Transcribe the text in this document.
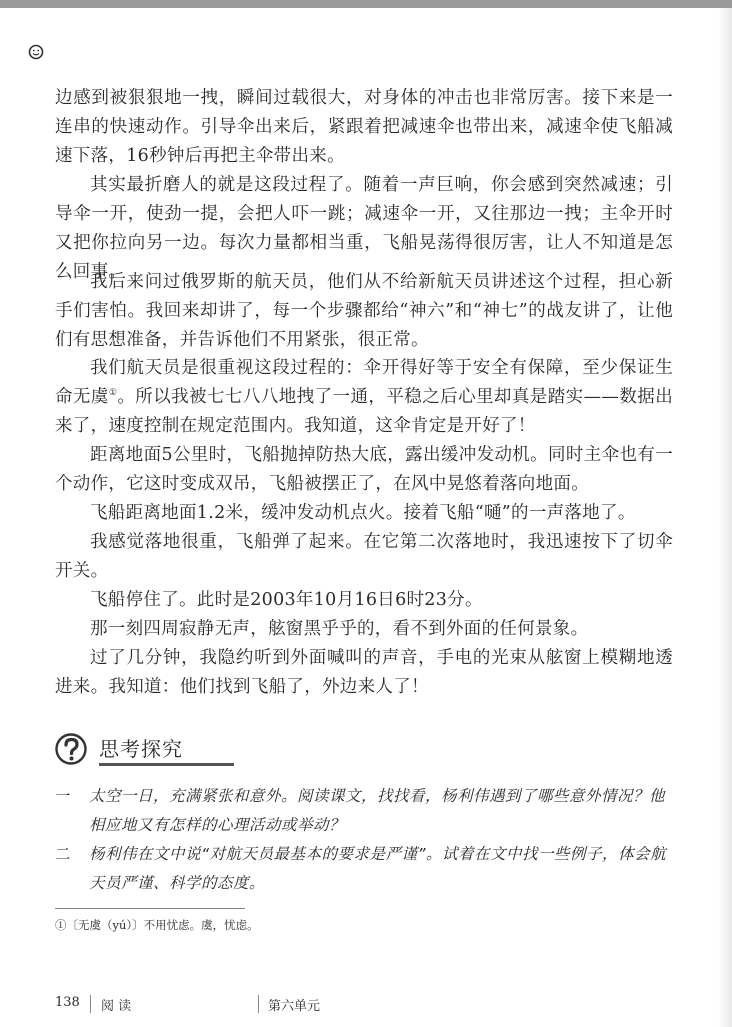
边感到被狠狠地一拽，瞬间过载很大，对身体的冲击也非常厉害。接下来是一连串的快速动作。引导伞出来后，紧跟着把减速伞也带出来，减速伞使飞船减速下落，16秒钟后再把主伞带出来。

其实最折磨人的就是这段过程了。随着一声巨响，你会感到突然减速；引导伞一开，使劲一提，会把人吓一跳；减速伞一开，又往那边一拽；主伞开时又把你拉向另一边。每次力量都相当重，飞船晃荡得很厉害，让人不知道是怎么回事。

我后来问过俄罗斯的航天员，他们从不给新航天员讲述这个过程，担心新手们害怕。我回来却讲了，每一个步骤都给“神六”和“神七”的战友讲了，让他们有思想准备，并告诉他们不用紧张，很正常。

我们航天员是很重视这段过程的：伞开得好等于安全有保障，至少保证生命无虞①。所以我被七七八八地拽了一通，平稳之后心里却真是踏实——数据出来了，速度控制在规定范围内。我知道，这伞肯定是开好了！

距离地面5公里时，飞船抛掉防热大底，露出缓冲发动机。同时主伞也有一个动作，它这时变成双吊，飞船被摆正了，在风中晃悠着落向地面。

飞船距离地面1.2米，缓冲发动机点火。接着飞船“嗵”的一声落地了。

我感觉落地很重，飞船弹了起来。在它第二次落地时，我迅速按下了切伞开关。

飞船停住了。此时是2003年10月16日6时23分。

那一刻四周寂静无声，舷窗黑乎乎的，看不到外面的任何景象。

过了几分钟，我隐约听到外面喊叫的声音，手电的光束从舷窗上模糊地透进来。我知道：他们找到飞船了，外边来人了！

思考探究
一 太空一日，充满紧张和意外。阅读课文，找找看，杨利伟遇到了哪些意外情况？他相应地又有怎样的心理活动或举动？
二 杨利伟在文中说“对航天员最基本的要求是严谨”。试着在文中找一些例子，体会航天员严谨、科学的态度。
①〔无虞（yú）〕不用忧虑。虞，忧虑。
138 阅 读	第六单元
